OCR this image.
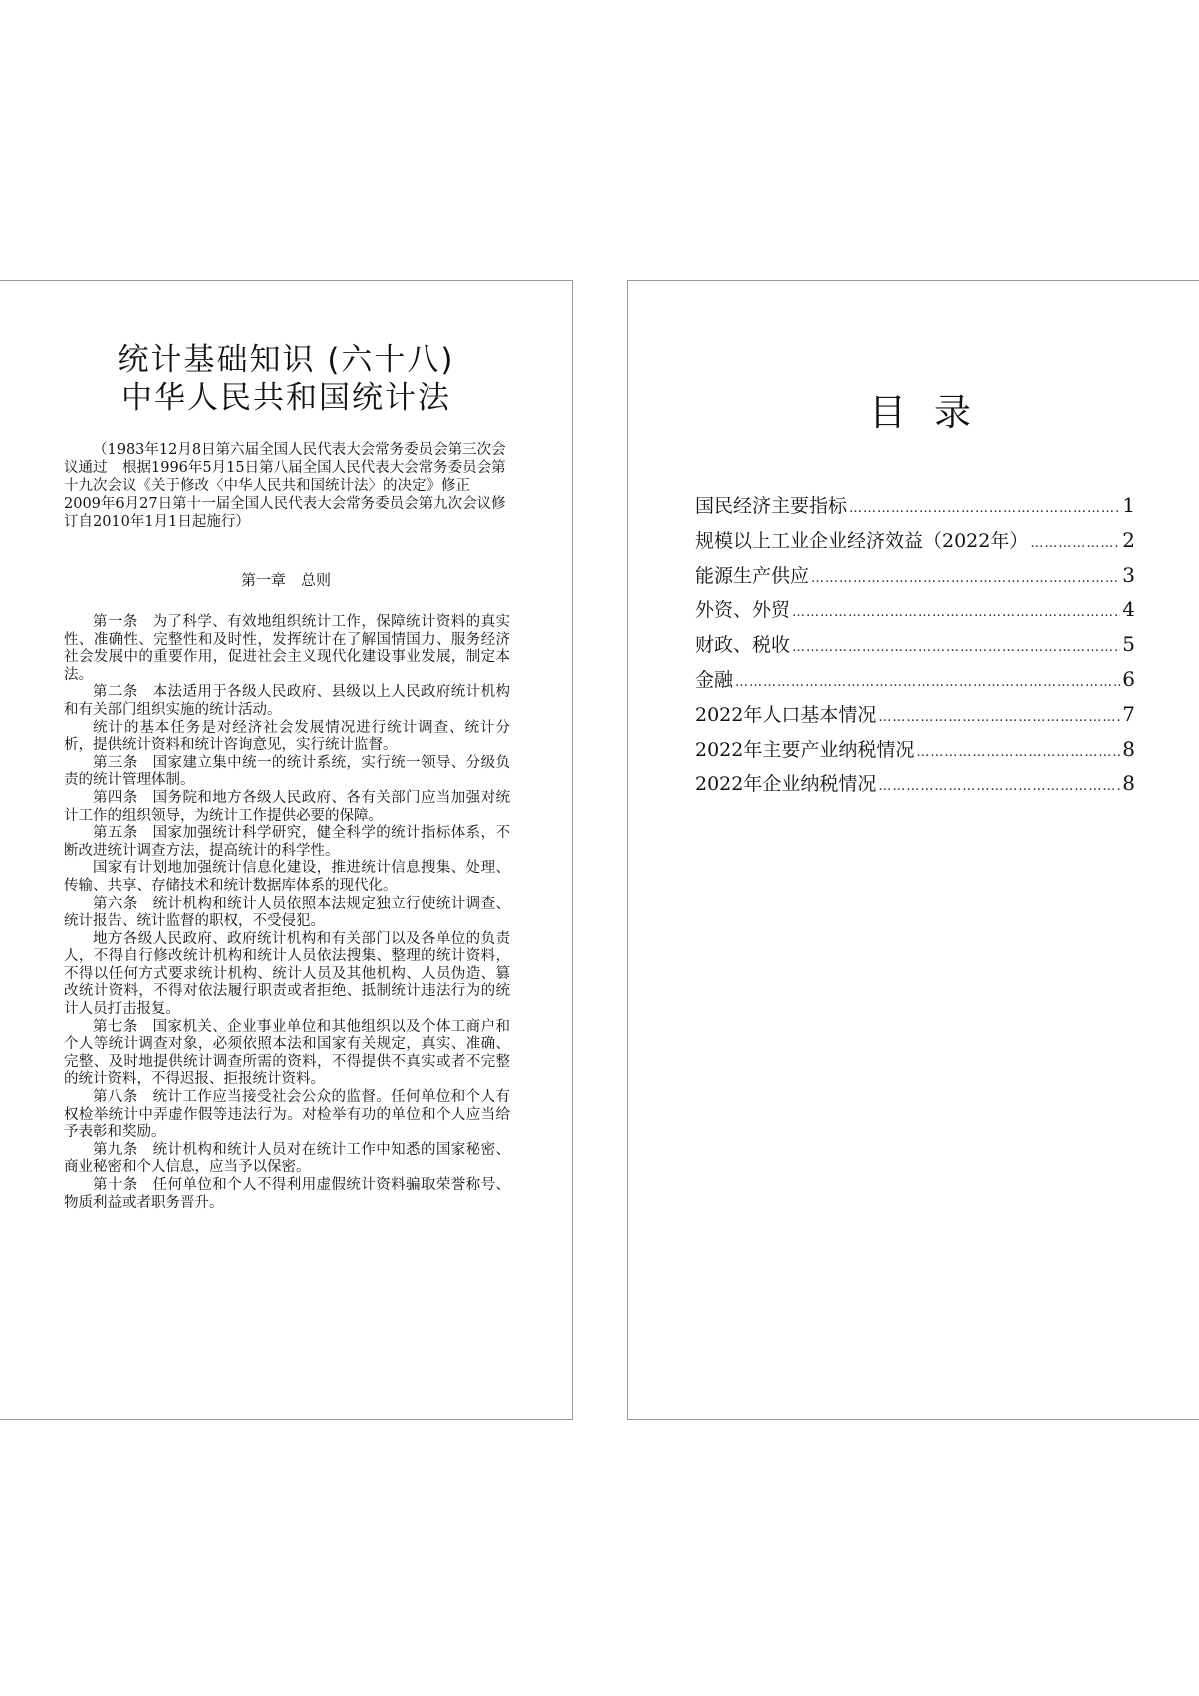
统计基础知识 (六十八)

中华人民共和国统计法

（1983年12月8日第六届全国人民代表大会常务委员会第三次会议通过　根据1996年5月15日第八届全国人民代表大会常务委员会第十九次会议《关于修改〈中华人民共和国统计法〉的决定》修正　2009年6月27日第十一届全国人民代表大会常务委员会第九次会议修订自2010年1月1日起施行）

第一章　总则

第一条　为了科学、有效地组织统计工作，保障统计资料的真实性、准确性、完整性和及时性，发挥统计在了解国情国力、服务经济社会发展中的重要作用，促进社会主义现代化建设事业发展，制定本法。

第二条　本法适用于各级人民政府、县级以上人民政府统计机构和有关部门组织实施的统计活动。

统计的基本任务是对经济社会发展情况进行统计调查、统计分析，提供统计资料和统计咨询意见，实行统计监督。

第三条　国家建立集中统一的统计系统，实行统一领导、分级负责的统计管理体制。

第四条　国务院和地方各级人民政府、各有关部门应当加强对统计工作的组织领导，为统计工作提供必要的保障。

第五条　国家加强统计科学研究，健全科学的统计指标体系，不断改进统计调查方法，提高统计的科学性。

国家有计划地加强统计信息化建设，推进统计信息搜集、处理、传输、共享、存储技术和统计数据库体系的现代化。

第六条　统计机构和统计人员依照本法规定独立行使统计调查、统计报告、统计监督的职权，不受侵犯。

地方各级人民政府、政府统计机构和有关部门以及各单位的负责人，不得自行修改统计机构和统计人员依法搜集、整理的统计资料，不得以任何方式要求统计机构、统计人员及其他机构、人员伪造、篡改统计资料，不得对依法履行职责或者拒绝、抵制统计违法行为的统计人员打击报复。

第七条　国家机关、企业事业单位和其他组织以及个体工商户和个人等统计调查对象，必须依照本法和国家有关规定，真实、准确、完整、及时地提供统计调查所需的资料，不得提供不真实或者不完整的统计资料，不得迟报、拒报统计资料。

第八条　统计工作应当接受社会公众的监督。任何单位和个人有权检举统计中弄虚作假等违法行为。对检举有功的单位和个人应当给予表彰和奖励。

第九条　统计机构和统计人员对在统计工作中知悉的国家秘密、商业秘密和个人信息，应当予以保密。

第十条　任何单位和个人不得利用虚假统计资料骗取荣誉称号、物质利益或者职务晋升。

目录

国民经济主要指标 ……………………………………………………………………………………………………………	1
规模以上工业企业经济效益（2022年） ……………………………………………………………………………………………………………	2
能源生产供应 ……………………………………………………………………………………………………………	3
外资、外贸 ……………………………………………………………………………………………………………	4
财政、税收 ……………………………………………………………………………………………………………	5
金融 ……………………………………………………………………………………………………………	6
2022年人口基本情况 ……………………………………………………………………………………………………………	7
2022年主要产业纳税情况 ……………………………………………………………………………………………………………	8
2022年企业纳税情况 ……………………………………………………………………………………………………………	8
